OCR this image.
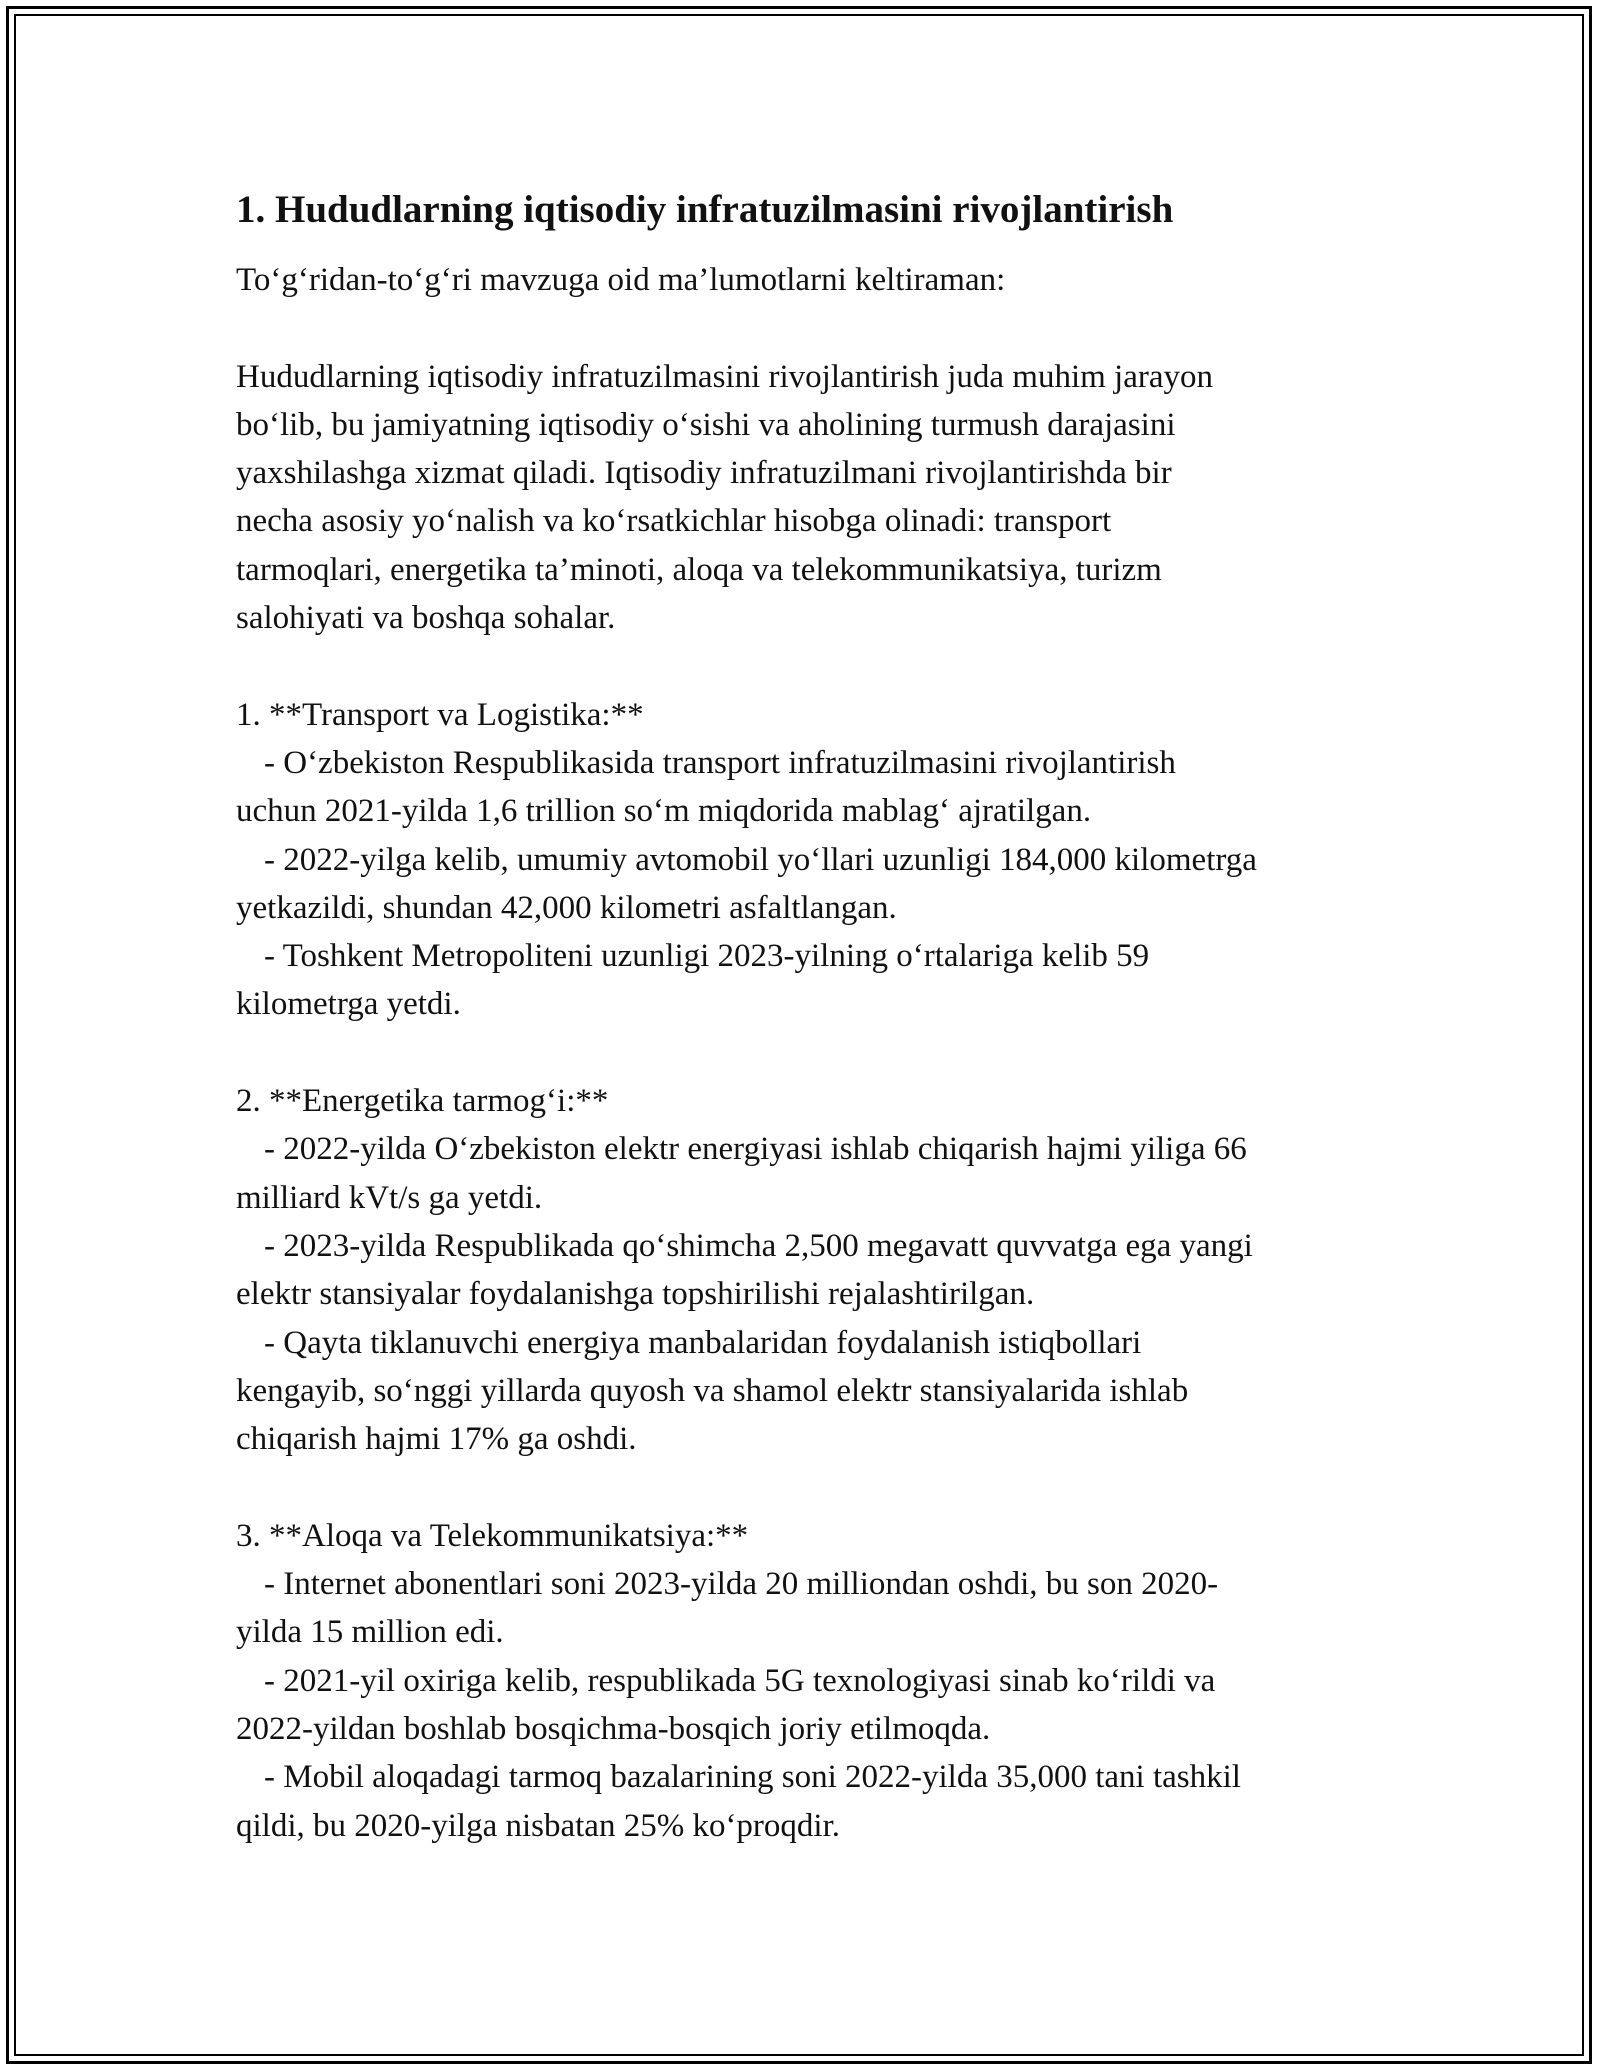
1. Hududlarning iqtisodiy infratuzilmasini rivojlantirish
To‘g‘ridan-to‘g‘ri mavzuga oid ma’lumotlarni keltiraman:
Hududlarning iqtisodiy infratuzilmasini rivojlantirish juda muhim jarayon
bo‘lib, bu jamiyatning iqtisodiy o‘sishi va aholining turmush darajasini
yaxshilashga xizmat qiladi. Iqtisodiy infratuzilmani rivojlantirishda bir
necha asosiy yo‘nalish va ko‘rsatkichlar hisobga olinadi: transport
tarmoqlari, energetika ta’minoti, aloqa va telekommunikatsiya, turizm
salohiyati va boshqa sohalar.
1. **Transport va Logistika:**
- O‘zbekiston Respublikasida transport infratuzilmasini rivojlantirish
uchun 2021-yilda 1,6 trillion so‘m miqdorida mablag‘ ajratilgan.
- 2022-yilga kelib, umumiy avtomobil yo‘llari uzunligi 184,000 kilometrga
yetkazildi, shundan 42,000 kilometri asfaltlangan.
- Toshkent Metropoliteni uzunligi 2023-yilning o‘rtalariga kelib 59
kilometrga yetdi.
2. **Energetika tarmog‘i:**
- 2022-yilda O‘zbekiston elektr energiyasi ishlab chiqarish hajmi yiliga 66
milliard kVt/s ga yetdi.
- 2023-yilda Respublikada qo‘shimcha 2,500 megavatt quvvatga ega yangi
elektr stansiyalar foydalanishga topshirilishi rejalashtirilgan.
- Qayta tiklanuvchi energiya manbalaridan foydalanish istiqbollari
kengayib, so‘nggi yillarda quyosh va shamol elektr stansiyalarida ishlab
chiqarish hajmi 17% ga oshdi.
3. **Aloqa va Telekommunikatsiya:**
- Internet abonentlari soni 2023-yilda 20 milliondan oshdi, bu son 2020-
yilda 15 million edi.
- 2021-yil oxiriga kelib, respublikada 5G texnologiyasi sinab ko‘rildi va
2022-yildan boshlab bosqichma-bosqich joriy etilmoqda.
- Mobil aloqadagi tarmoq bazalarining soni 2022-yilda 35,000 tani tashkil
qildi, bu 2020-yilga nisbatan 25% ko‘proqdir.
